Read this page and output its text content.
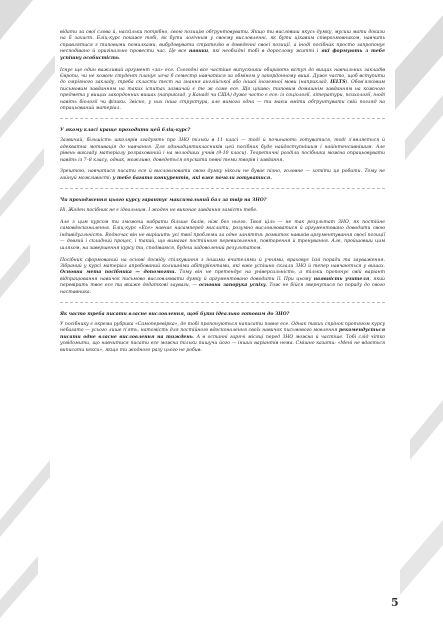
відати за свої слова й, наскільки потрібно, свою позицію обґрунтовувати. Якщо ти висловиш якусь думку, мусиш мати докази на її захист. Бліц-курс покаже тобі, як бути логічним у своєму висловленні, як бути цікавим співрозмовником, навчить справлятися з типовими помилками, вибудовувати стратегію в доведенні своєї позиції, а іноді посібник просто запропонує несподівано й оригінально провести час. Це все навики, які необхідні тобі в дорослому житті і які формують з тебе успішну особистість.

Існує ще один важливий аргумент «за» есе. Сьогодні все частіше випускники обирають вступ до вищих навчальних закладів Європи, чи не кожен студент планує хоча б семестр навчатися за обміном у закордонному виші. Дуже часто, щоб вступити до омріяного закладу, треба скласти тест на знання англійської або іншої іноземної мови (наприклад, IELTS). Обов’язковим письмовим завданням на таких іспитах зазвичай є те ж саме есе. Що цікаво: типовим домашнім завданням на кожного предмета у вищих закордонних вишах (наприклад, у Канаді чи США) дуже часто є есе: із соціології, літератури, психології, іноді навіть біології чи фізики. Звісно, у них інша структура, але вимога одна — ти маєш вміти обґрунтувати свій погляд на опрацьований матеріал.

У якому класі краще проходити цей бліц-курс?

Зазвичай, більшість школярів згадують про ЗНО тільки в 11 класі — тоді й починають готуватися, тоді з’являється й адекватна мотивація до навчання. Для одинадцятикласників цей посібник буде найдоступнішим і найінтенсивнішим. Але рівень викладу матеріалу розрахований і на молодших учнів (9-10 класи). Теоретичні розділи посібника можна опрацьовувати навіть із 7–8 класу, однак, можливо, доведеться опускати певні теми творів і завдання.

Зрештою, навчатися писати есе й висловлювати свою думку ніколи не буває пізно, головне — хотіти це робити. Тому не гайнуй можливості: у тебе багато конкурентів, які вже почали готуватися.

Чи проходження цього курсу гарантує максимальний бал за твір на ЗНО?

Ні. Жоден посібник не є ідеальним. І жоден не виконає завдання замість тебе.

Але з цим курсом ти зможеш набрати більше балів, ніж без нього. Твоя ціль — не так результат ЗНО, як постійне самовдосконалення. Бліц-курс «Есе» навчає насамперед мислити, розумно висловлюватися й аргументовано доводити свою індивідуальність. Водночас він не вирішить усі твої проблеми за одне заняття: розвиток навиків аргументування своєї позиції — довгий і складний процес, і такий, що вимагає постійного перевисвлення, повторення й тренування. Але, пройшовши цим шляхом, на завершення курсу ти, сподіваюся, будеш задоволений результатом.

Посібник сформований на основі досвіду спілкування з іншими вчителями й учнями, враховує їхні поради та зауваження. Зібраний у курсі матеріал апробований колишніми абітурієнтами, які вже успішно склали ЗНО й тепер навчаються у вишах. Основна мета посібника — допомогти. Тому він не претендує на універсальність, а тільки пропонує свій варіант відпрацювання навичок письмово висловлювати думку й аргументовано доводити її. При цьому наявність учителя, який перевірить твоє есе та вкаже додаткові зауваги, — основна запорука успіху. Тож не бійся звернутися по пораду до свого наставника.

Як часто треба писати власне висловлення, щоб бути ідеально готовим до ЗНО?

У посібнику є окрема рубрика «Самоперевірка», де тобі пропонуються написати повне есе. Однак таких спрінок протягом курсу небагато — усього лише п’ять, натомість для постійного вдосконалення своїх навичок письмового мовлення рекомендується писати одне власне висловлення на тиждень. А в останні гарячі місяці перед ЗНО можна й частіше. Тобі слід чітко усвідомити, що навчитися писати есе можна тільки пишучи його — інших варіантів нема. Смішно казати: «Мені не вдається виписати кекси», якщо ти жодного разу цього не робив.

5
